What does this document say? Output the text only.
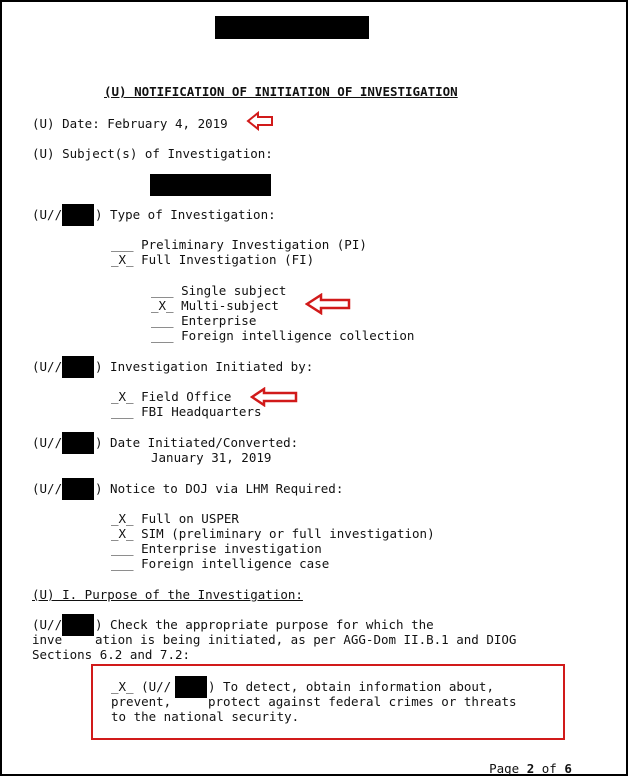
(U) NOTIFICATION OF INITIATION OF INVESTIGATION
(U) Date: February 4, 2019
(U) Subject(s) of Investigation:
(U//	) Type of Investigation:
___ Preliminary Investigation (PI)
_X_ Full Investigation (FI)
___ Single subject
_X_ Multi-subject
___ Enterprise
___ Foreign intelligence collection
(U//	) Investigation Initiated by:
_X_ Field Office
___ FBI Headquarters
(U//	) Date Initiated/Converted:
January 31, 2019
(U//	) Notice to DOJ via LHM Required:
_X_ Full on USPER
_X_ SIM (preliminary or full investigation)
___ Enterprise investigation
___ Foreign intelligence case
(U) I. Purpose of the Investigation:
(U//	) Check the appropriate purpose for which the
inve	ation is being initiated, as per AGG-Dom II.B.1 and DIOG
Sections 6.2 and 7.2:
_X_ (U//	) To detect, obtain information about,
prevent,	protect against federal crimes or threats
to the national security.

Page 2 of 6
